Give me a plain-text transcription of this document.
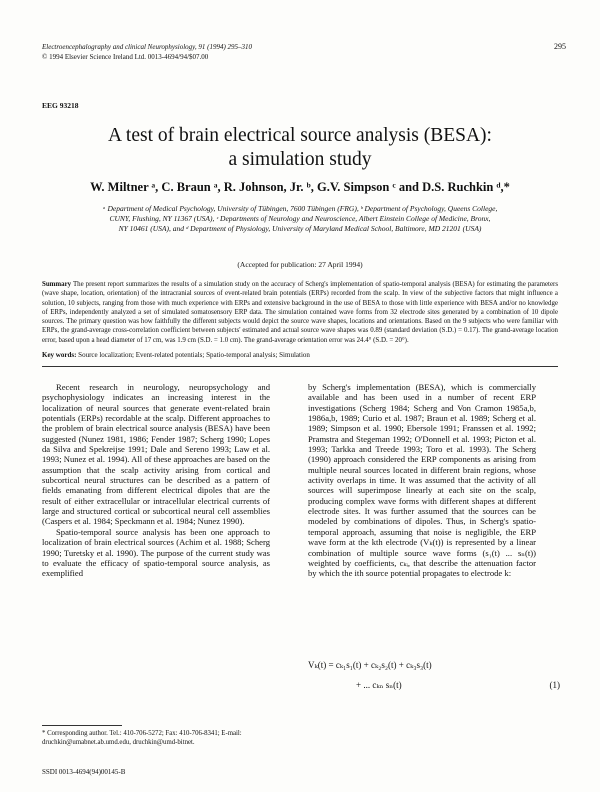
Electroencephalography and clinical Neurophysiology, 91 (1994) 295–310
© 1994 Elsevier Science Ireland Ltd. 0013-4694/94/$07.00
295
EEG 93218
A test of brain electrical source analysis (BESA):
a simulation study
W. Miltner ᵃ, C. Braun ᵃ, R. Johnson, Jr. ᵇ, G.V. Simpson ᶜ and D.S. Ruchkin ᵈ,*
ᵃ Department of Medical Psychology, University of Tübingen, 7600 Tübingen (FRG), ᵇ Department of Psychology, Queens College,
CUNY, Flushing, NY 11367 (USA), ᶜ Departments of Neurology and Neuroscience, Albert Einstein College of Medicine, Bronx,
NY 10461 (USA), and ᵈ Department of Physiology, University of Maryland Medical School, Baltimore, MD 21201 (USA)
(Accepted for publication: 27 April 1994)
Summary The present report summarizes the results of a simulation study on the accuracy of Scherg's implementation of spatio-temporal analysis (BESA) for estimating the parameters (wave shape, location, orientation) of the intracranial sources of event-related brain potentials (ERPs) recorded from the scalp. In view of the subjective factors that might influence a solution, 10 subjects, ranging from those with much experience with ERPs and extensive background in the use of BESA to those with little experience with BESA and/or no knowledge of ERPs, independently analyzed a set of simulated somatosensory ERP data. The simulation contained wave forms from 32 electrode sites generated by a combination of 10 dipole sources. The primary question was how faithfully the different subjects would depict the source wave shapes, locations and orientations. Based on the 9 subjects who were familiar with ERPs, the grand-average cross-correlation coefficient between subjects' estimated and actual source wave shapes was 0.89 (standard deviation (S.D.) = 0.17). The grand-average location error, based upon a head diameter of 17 cm, was 1.9 cm (S.D. = 1.0 cm). The grand-average orientation error was 24.4° (S.D. = 20°).
Key words: Source localization; Event-related potentials; Spatio-temporal analysis; Simulation

Recent research in neurology, neuropsychology and psychophysiology indicates an increasing interest in the localization of neural sources that generate event-related brain potentials (ERPs) recordable at the scalp. Different approaches to the problem of brain electrical source analysis (BESA) have been suggested (Nunez 1981, 1986; Fender 1987; Scherg 1990; Lopes da Silva and Spekreijse 1991; Dale and Sereno 1993; Law et al. 1993; Nunez et al. 1994). All of these approaches are based on the assumption that the scalp activity arising from cortical and subcortical neural structures can be described as a pattern of fields emanating from different electrical dipoles that are the result of either extracellular or intracellular electrical currents of large and structured cortical or subcortical neural cell assemblies (Caspers et al. 1984; Speckmann et al. 1984; Nunez 1990).

Spatio-temporal source analysis has been one approach to localization of brain electrical sources (Achim et al. 1988; Scherg 1990; Turetsky et al. 1990). The purpose of the current study was to evaluate the efficacy of spatio-temporal source analysis, as exemplified

by Scherg's implementation (BESA), which is commercially available and has been used in a number of recent ERP investigations (Scherg 1984; Scherg and Von Cramon 1985a,b, 1986a,b, 1989; Curio et al. 1987; Braun et al. 1989; Scherg et al. 1989; Simpson et al. 1990; Ebersole 1991; Franssen et al. 1992; Pramstra and Stegeman 1992; O'Donnell et al. 1993; Picton et al. 1993; Tarkka and Treede 1993; Toro et al. 1993). The Scherg (1990) approach considered the ERP components as arising from multiple neural sources located in different brain regions, whose activity overlaps in time. It was assumed that the activity of all sources will superimpose linearly at each site on the scalp, producing complex wave forms with different shapes at different electrode sites. It was further assumed that the sources can be modeled by combinations of dipoles. Thus, in Scherg's spatio-temporal approach, assuming that noise is negligible, the ERP wave form at the kth electrode (Vₖ(t)) is represented by a linear combination of multiple source wave forms (s₁(t) ... sₙ(t)) weighted by coefficients, cₖᵢ, that describe the attenuation factor by which the ith source potential propagates to electrode k:

Vₖ(t) = cₖ₁s₁(t) + cₖ₂s₂(t) + cₖ₃s₃(t)
+ ... cₖₙ sₙ(t)	(1)
* Corresponding author. Tel.: 410-706-5272; Fax: 410-706-8341; E-mail: druchkin@umabnet.ab.umd.edu, druchkin@umd-bitnet.
SSDI 0013-4694(94)00145-B
